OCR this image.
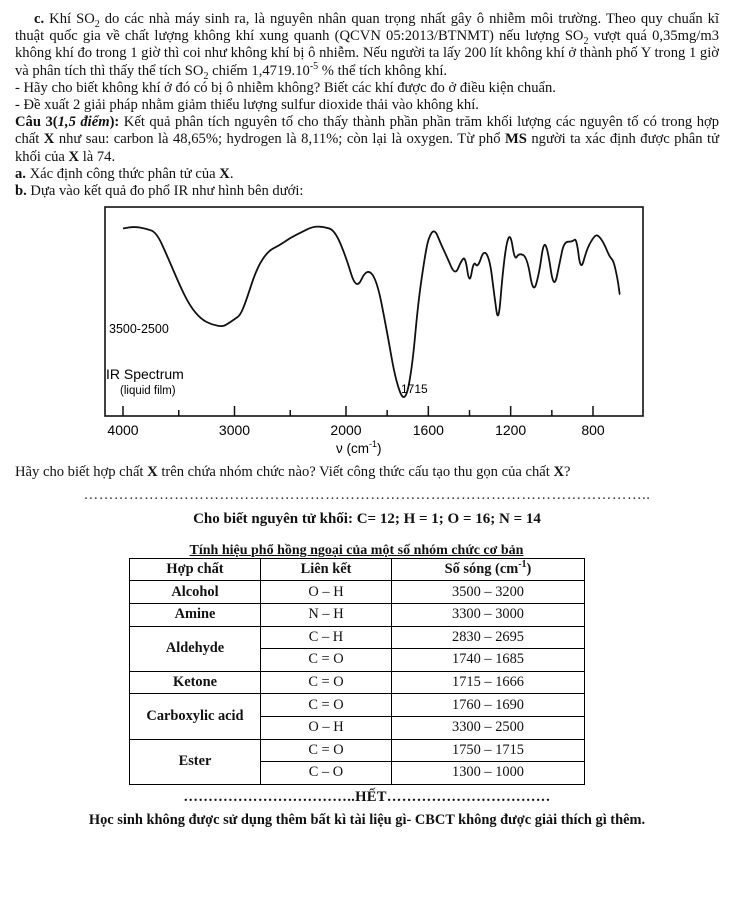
c. Khí $SO_2$ do các nhà máy sinh ra, là nguyên nhân quan trọng nhất gây ô nhiễm môi trường. Theo quy chuẩn kĩ thuật quốc gia về chất lượng không khí xung quanh (QCVN 05:2013/BTNMT) nếu lượng $SO_2$ vượt quá 0,35mg/m3 không khí đo trong 1 giờ thì coi như không khí bị ô nhiễm. Nếu người ta lấy 200 lít không khí ở thành phố Y trong 1 giờ và phân tích thì thấy thể tích $SO_2$ chiếm $1,4719.10^{-5}$ % thể tích không khí.

- Hãy cho biết không khí ở đó có bị ô nhiễm không? Biết các khí được đo ở điều kiện chuẩn.

- Đề xuất 2 giải pháp nhằm giảm thiểu lượng sulfur dioxide thải vào không khí.

Câu 3(1,5 điểm): Kết quả phân tích nguyên tố cho thấy thành phần phần trăm khối lượng các nguyên tố có trong hợp chất X như sau: carbon là 48,65%; hydrogen là 8,11%; còn lại là oxygen. Từ phổ MS người ta xác định được phân tử khối của X là 74.

a. Xác định công thức phân tử của X.

b. Dựa vào kết quả đo phổ IR như hình bên dưới:

3500-2500
IR Spectrum
(liquid film)	1715
4000	3000	2000	1600	1200	800
ν $(cm^{-1})$

Hãy cho biết hợp chất X trên chứa nhóm chức nào? Viết công thức cấu tạo thu gọn của chất X?

…………………………………………………………………………………………………..

Cho biết nguyên tử khối: C= 12; H = 1; O = 16; N = 14

Tính hiệu phổ hồng ngoại của một số nhóm chức cơ bản
Hợp chất	Liên kết	Số sóng $(cm^{-1})$
Alcohol	O – H	3500 – 3200
Amine	N – H	3300 – 3000
Aldehyde	C – H	2830 – 2695
	C = O	1740 – 1685
Ketone	C = O	1715 – 1666
Carboxylic acid	C = O	1760 – 1690
	O – H	3300 – 2500
Ester	C = O	1750 – 1715
	C – O	1300 – 1000
……………………………..HẾT……………………………
Học sinh không được sử dụng thêm bất kì tài liệu gì- CBCT không được giải thích gì thêm.
